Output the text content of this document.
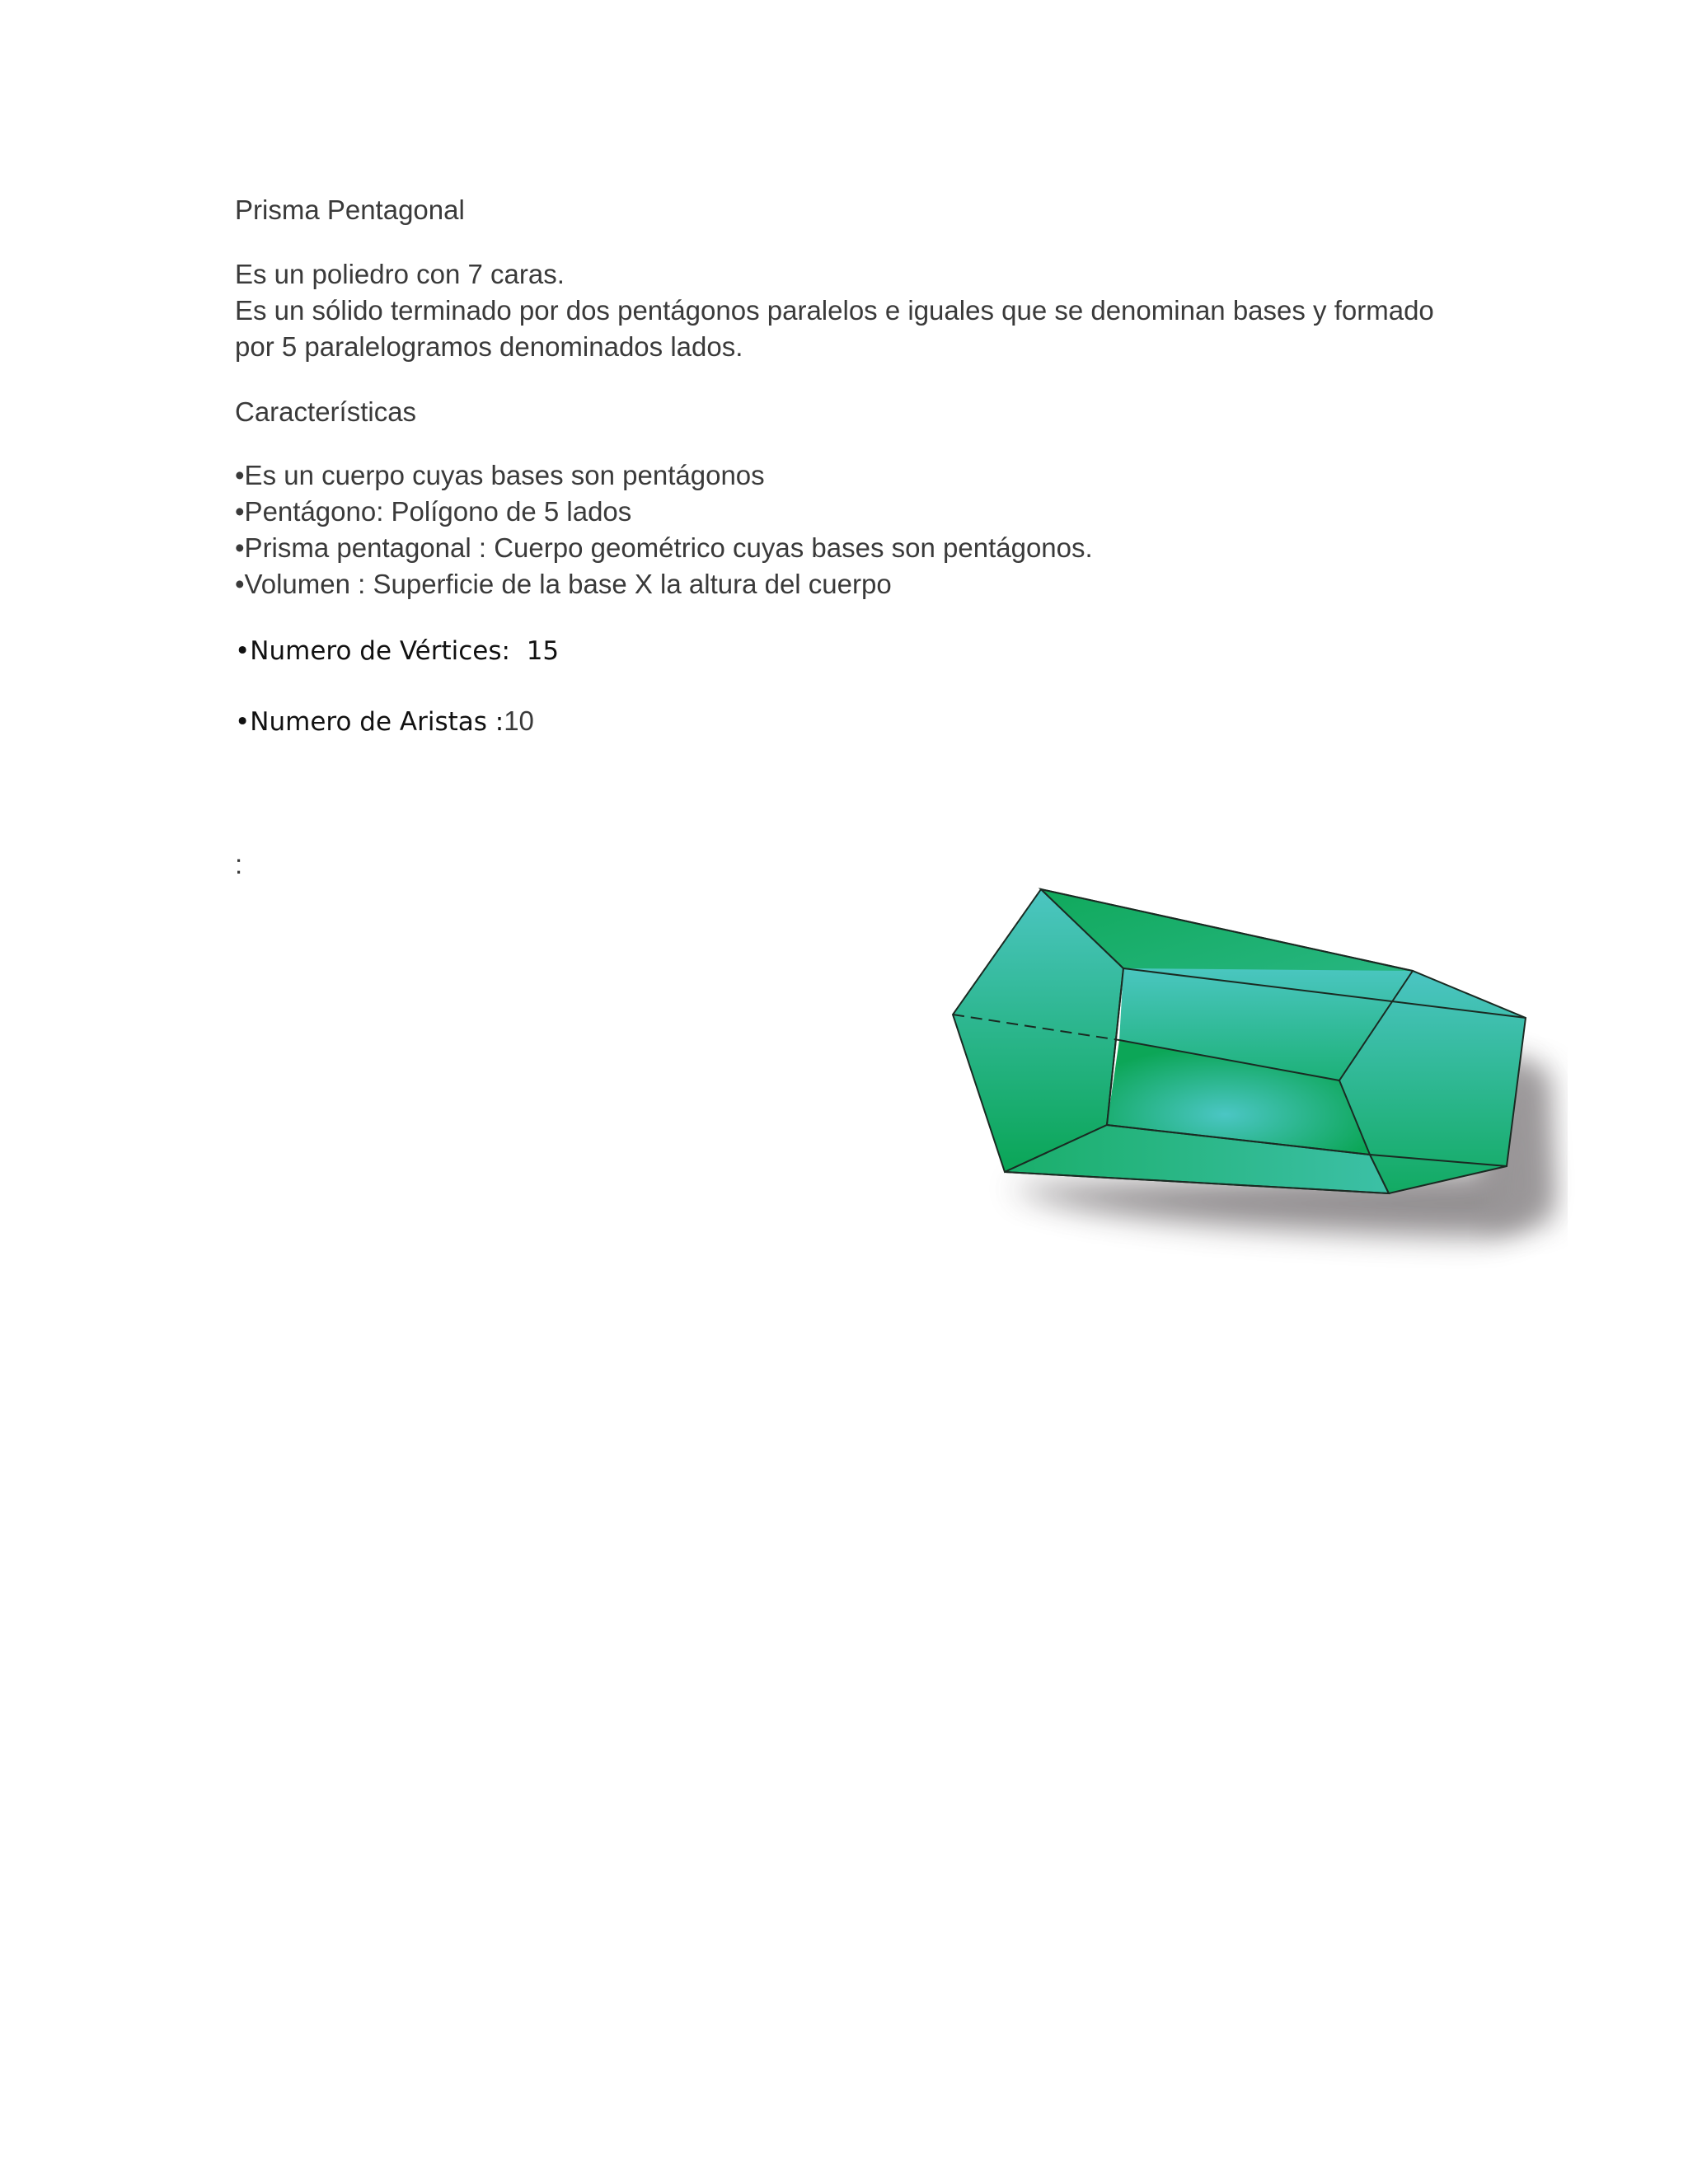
Prisma Pentagonal

Es un poliedro con 7 caras.
Es un sólido terminado por dos pentágonos paralelos e iguales que se denominan bases y formado
por 5 paralelogramos denominados lados.

Características

•Es un cuerpo cuyas bases son pentágonos
•Pentágono: Polígono de 5 lados
•Prisma pentagonal : Cuerpo geométrico cuyas bases son pentágonos.
•Volumen : Superficie de la base X la altura del cuerpo

•Numero de Vértices:  15

•Numero de Aristas :10

:
